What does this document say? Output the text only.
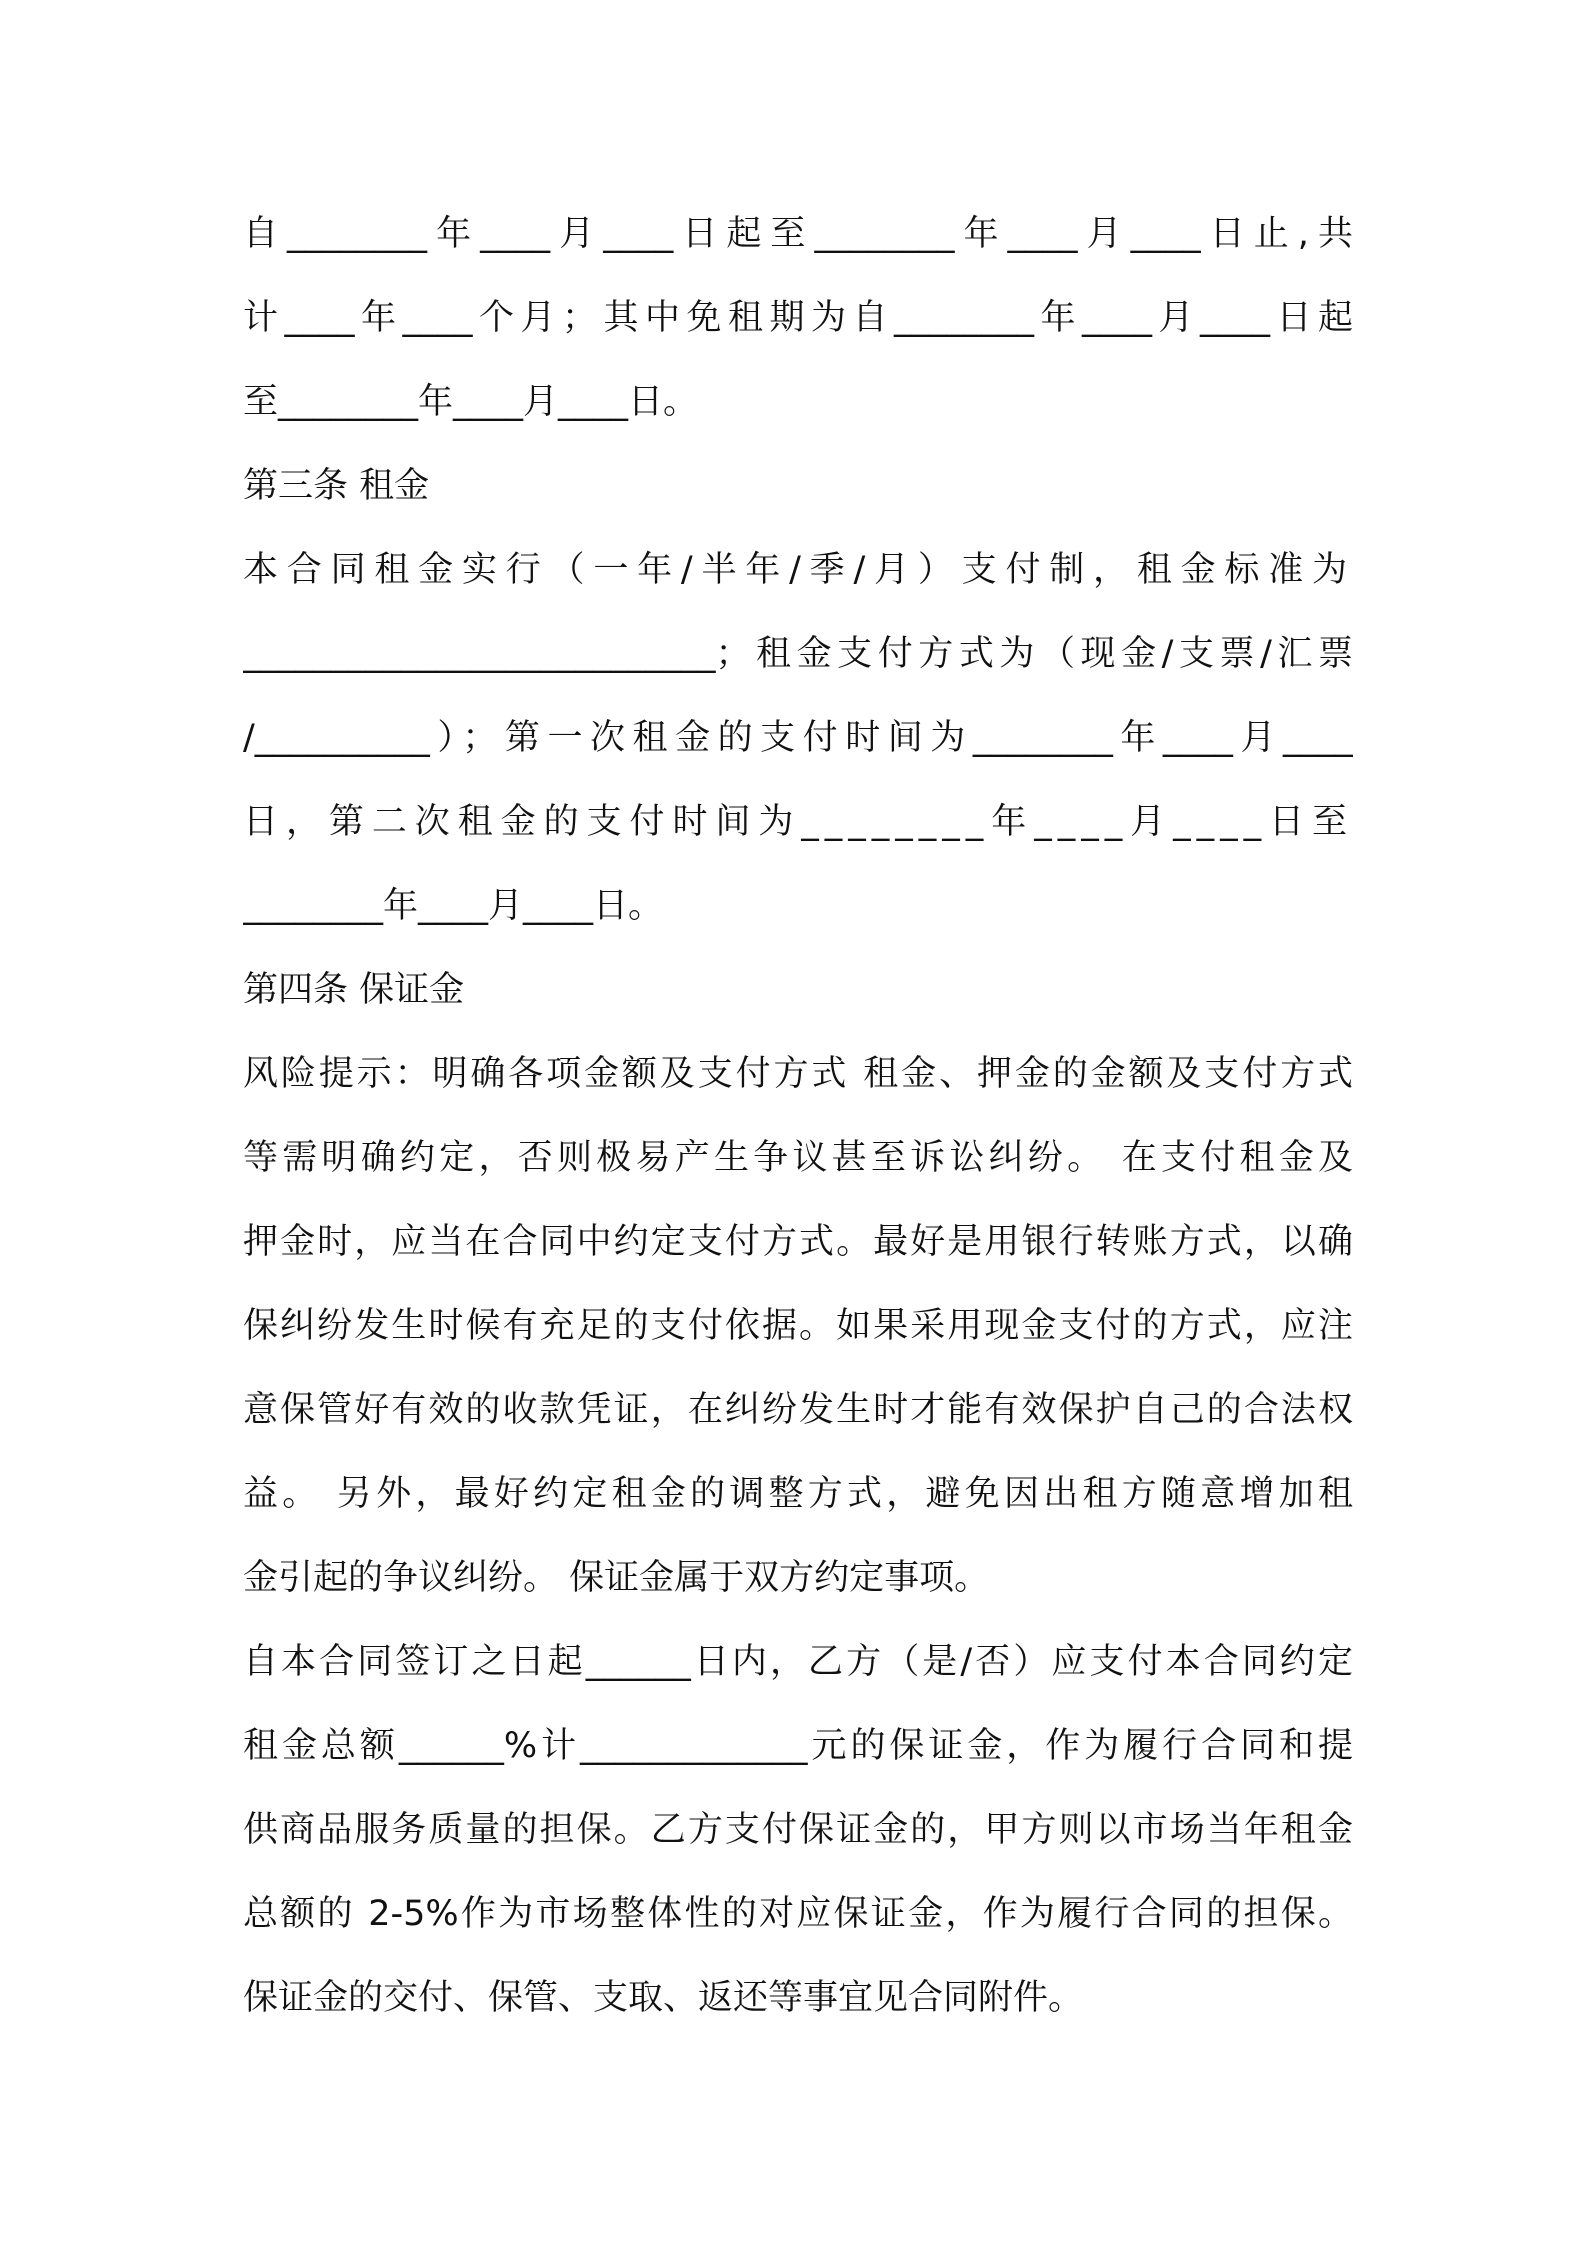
自________年____月____日起至________年____月____日止,共
计____年____个月；其中免租期为自________年____月____日起
至________年____月____日。
第三条 租金
本合同租金实行（一年/半年/季/月）支付制，租金标准为
___________________________；租金支付方式为（现金/支票/汇票
/__________）；第一次租金的支付时间为________年____月____
日，第二次租金的支付时间为________年____月____日至
________年____月____日。
第四条 保证金
风险提示：明确各项金额及支付方式 租金、押金的金额及支付方式
等需明确约定，否则极易产生争议甚至诉讼纠纷。 在支付租金及
押金时，应当在合同中约定支付方式。最好是用银行转账方式，以确
保纠纷发生时候有充足的支付依据。如果采用现金支付的方式，应注
意保管好有效的收款凭证，在纠纷发生时才能有效保护自己的合法权
益。 另外，最好约定租金的调整方式，避免因出租方随意增加租
金引起的争议纠纷。 保证金属于双方约定事项。
自本合同签订之日起______日内，乙方（是/否）应支付本合同约定
租金总额______%计_____________元的保证金，作为履行合同和提
供商品服务质量的担保。乙方支付保证金的，甲方则以市场当年租金
总额的 2-5%作为市场整体性的对应保证金，作为履行合同的担保。
保证金的交付、保管、支取、返还等事宜见合同附件。
